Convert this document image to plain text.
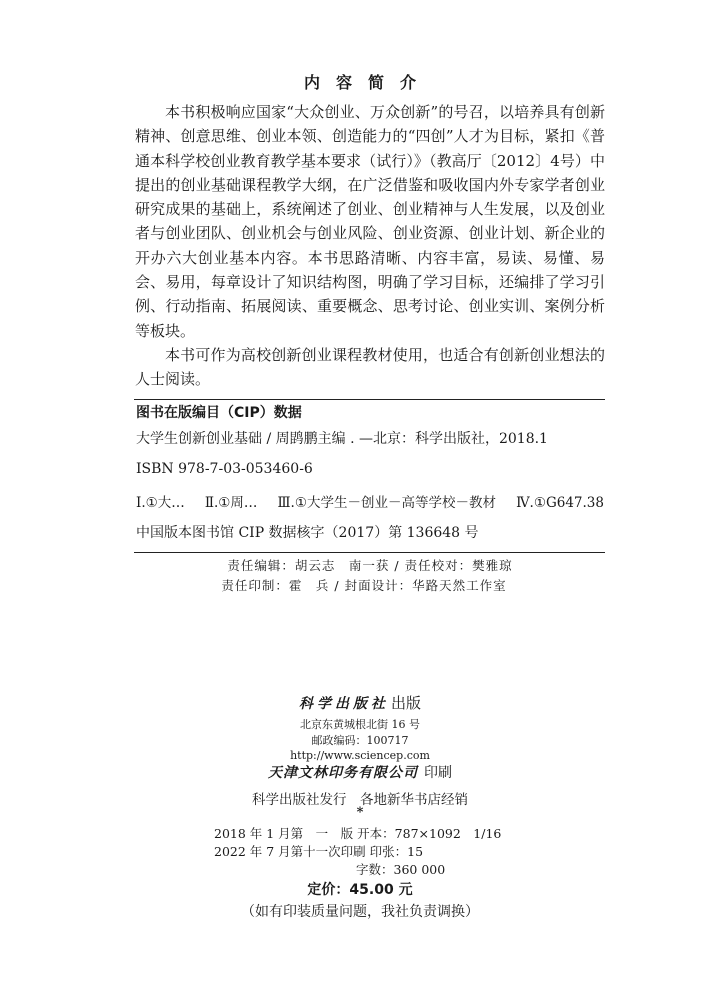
内容简介

本书积极响应国家“大众创业、万众创新”的号召，以培养具有创新精神、创意思维、创业本领、创造能力的“四创”人才为目标，紧扣《普通本科学校创业教育教学基本要求（试行）》（教高厅〔2012〕4号）中提出的创业基础课程教学大纲，在广泛借鉴和吸收国内外专家学者创业研究成果的基础上，系统阐述了创业、创业精神与人生发展，以及创业者与创业团队、创业机会与创业风险、创业资源、创业计划、新企业的开办六大创业基本内容。本书思路清晰、内容丰富，易读、易懂、易会、易用，每章设计了知识结构图，明确了学习目标，还编排了学习引例、行动指南、拓展阅读、重要概念、思考讨论、创业实训、案例分析等板块。

本书可作为高校创新创业课程教材使用，也适合有创新创业想法的人士阅读。

图书在版编目（CIP）数据
大学生创新创业基础 / 周鹍鹏主编 . —北京：科学出版社，2018.1
ISBN 978-7-03-053460-6
Ⅰ.①大… Ⅱ.①周… Ⅲ.①大学生－创业－高等学校－教材 Ⅳ.①G647.38
中国版本图书馆 CIP 数据核字（2017）第 136648 号
责任编辑：胡云志　南一获 / 责任校对：樊雅琼
责任印制：霍　兵 / 封面设计：华路天然工作室
科学出版社 出版
北京东黄城根北街 16 号
邮政编码：100717
http://www.sciencep.com
天津文林印务有限公司 印刷
科学出版社发行　各地新华书店经销
*
2018 年 1 月第　一　版 开本：787×1092　1/16
2022 年 7 月第十一次印刷 印张：15
字数：360 000
定价：45.00 元
（如有印装质量问题，我社负责调换）
